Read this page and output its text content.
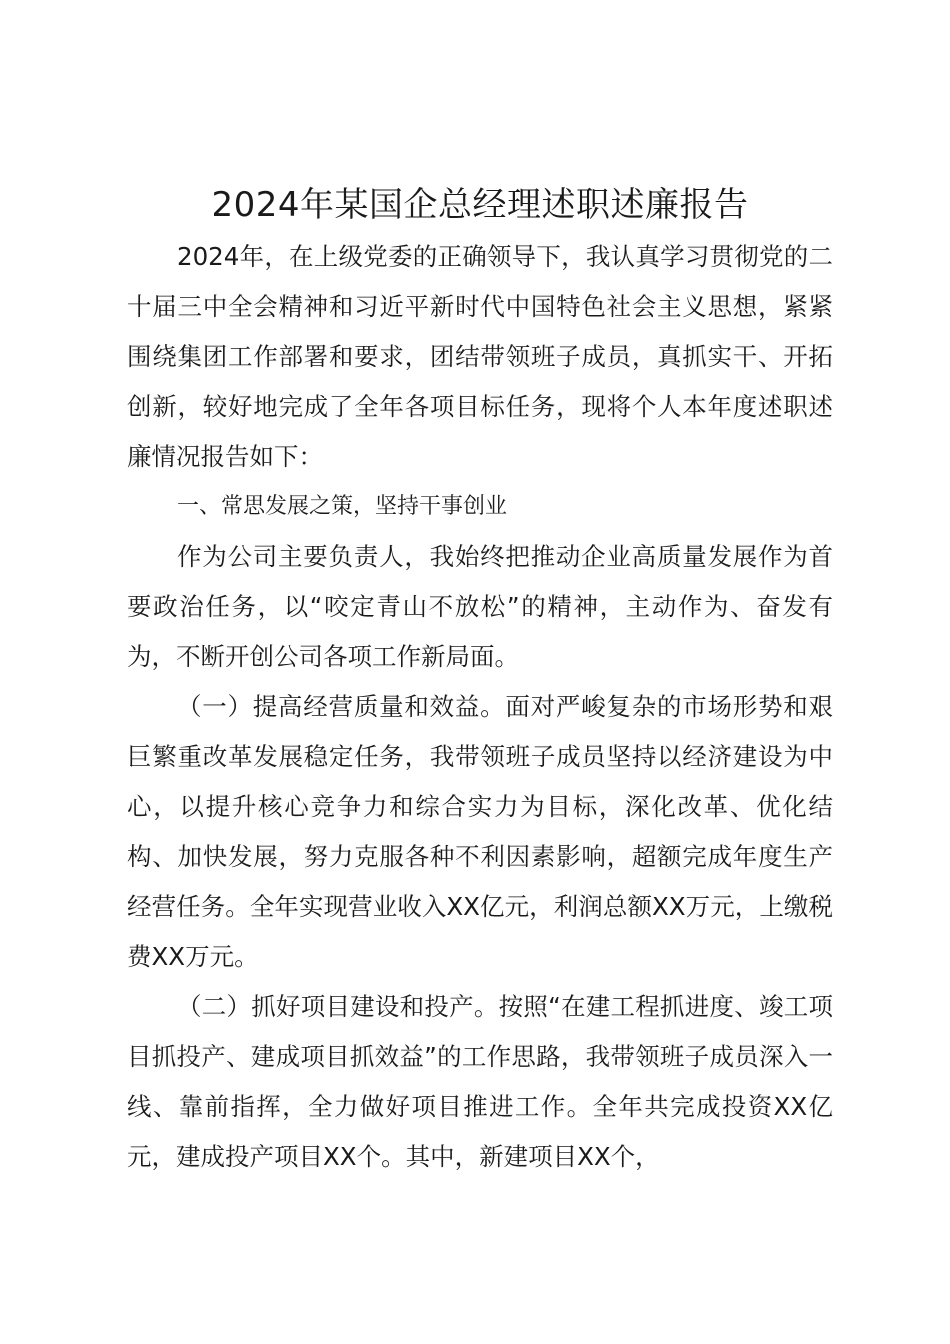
2024年某国企总经理述职述廉报告

2024年，在上级党委的正确领导下，我认真学习贯彻党的二十届三中全会精神和习近平新时代中国特色社会主义思想，紧紧围绕集团工作部署和要求，团结带领班子成员，真抓实干、开拓创新，较好地完成了全年各项目标任务，现将个人本年度述职述廉情况报告如下：

一、常思发展之策，坚持干事创业

作为公司主要负责人，我始终把推动企业高质量发展作为首要政治任务，以“咬定青山不放松”的精神，主动作为、奋发有为，不断开创公司各项工作新局面。

（一）提高经营质量和效益。面对严峻复杂的市场形势和艰巨繁重改革发展稳定任务，我带领班子成员坚持以经济建设为中心，以提升核心竞争力和综合实力为目标，深化改革、优化结构、加快发展，努力克服各种不利因素影响，超额完成年度生产经营任务。全年实现营业收入XX亿元，利润总额XX万元，上缴税费XX万元。

（二）抓好项目建设和投产。按照“在建工程抓进度、竣工项目抓投产、建成项目抓效益”的工作思路，我带领班子成员深入一线、靠前指挥，全力做好项目推进工作。全年共完成投资XX亿元，建成投产项目XX个。其中，新建项目XX个，
